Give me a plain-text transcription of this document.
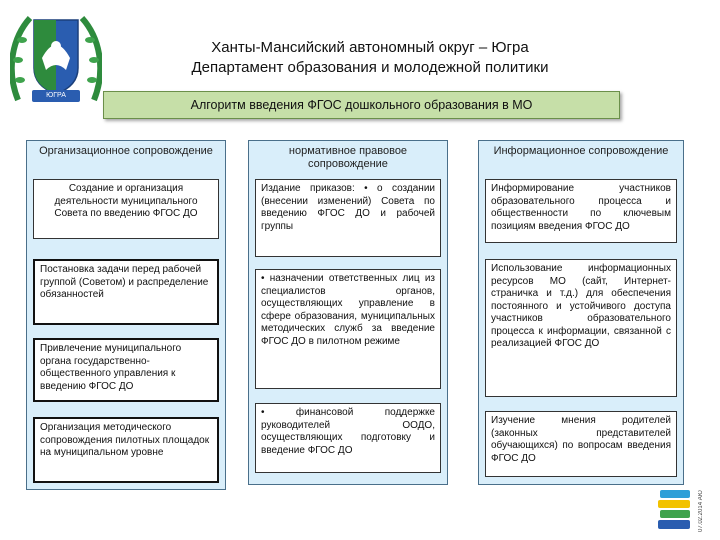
ЮГРА
Ханты-Мансийский автономный округ – Югра
Департамент образования и молодежной политики
Алгоритм введения ФГОС дошкольного образования в МО
Организационное сопровождение
Создание и организация деятельности муниципального Совета по введению ФГОС ДО
Постановка задачи перед рабочей группой (Советом) и распределение обязанностей
Привлечение муниципального органа государственно-общественного управления к введению ФГОС ДО
Организация методического сопровождения пилотных площадок на муниципальном уровне
нормативное правовое сопровождение
Издание приказов: • о создании (внесении изменений) Совета по введению ФГОС ДО и рабочей группы
• назначении ответственных лиц из специалистов органов, осуществляющих управление в сфере образования, муниципальных методических служб за введение ФГОС ДО в пилотном режиме
• финансовой поддержке руководителей ООДО, осуществляющих подготовку и введение ФГОС ДО
Информационное сопровождение
Информирование участников образовательного процесса и общественности по ключевым позициям введения ФГОС ДО
Использование информационных ресурсов МО (сайт, Интернет-страничка и т.д.) для обеспечения постоянного и устойчивого доступа участников образовательного процесса к информации, связанной с реализацией ФГОС ДО
Изучение мнения родителей (законных представителей обучающихся) по вопросам введения ФГОС ДО
07.02.2014 АЮ
